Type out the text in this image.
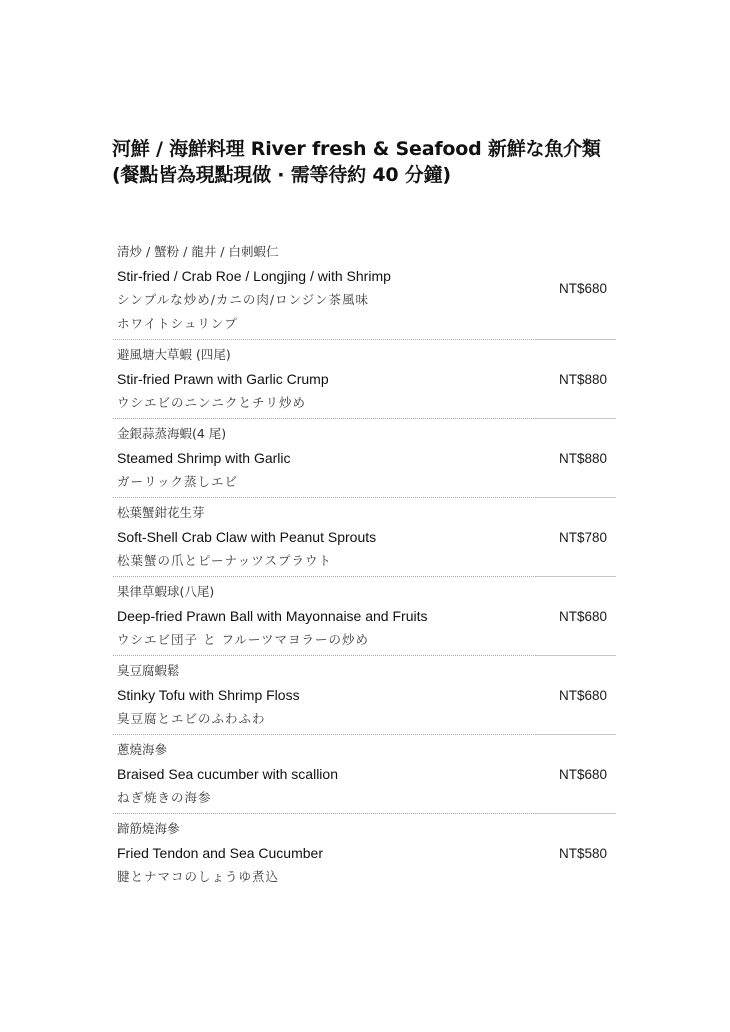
河鮮 / 海鮮料理 River fresh & Seafood 新鮮な魚介類
(餐點皆為現點現做 · 需等待約 40 分鐘)
清炒 / 蟹粉 / 龍井 / 白刺蝦仁
Stir-fried / Crab Roe / Longjing / with Shrimp
シンプルな炒め/カニの肉/ロンジン茶風味
ホワイトシュリンプ
NT$680
避風塘大草蝦 (四尾)
Stir-fried Prawn with Garlic Crump
ウシエビのニンニクとチリ炒め
NT$880
金銀蒜蒸海蝦(4 尾)
Steamed Shrimp with Garlic
ガーリック蒸しエビ
NT$880
松葉蟹鉗花生芽
Soft-Shell Crab Claw with Peanut Sprouts
松葉蟹の爪とピーナッツスプラウト
NT$780
果律草蝦球(八尾)
Deep-fried Prawn Ball with Mayonnaise and Fruits
ウシエビ団子 と フルーツマヨラーの炒め
NT$680
臭豆腐蝦鬆
Stinky Tofu with Shrimp Floss
臭豆腐とエビのふわふわ
NT$680
蔥燒海參
Braised Sea cucumber with scallion
ねぎ焼きの海参
NT$680
蹄筋燒海參
Fried Tendon and Sea Cucumber
腱とナマコのしょうゆ煮込
NT$580
